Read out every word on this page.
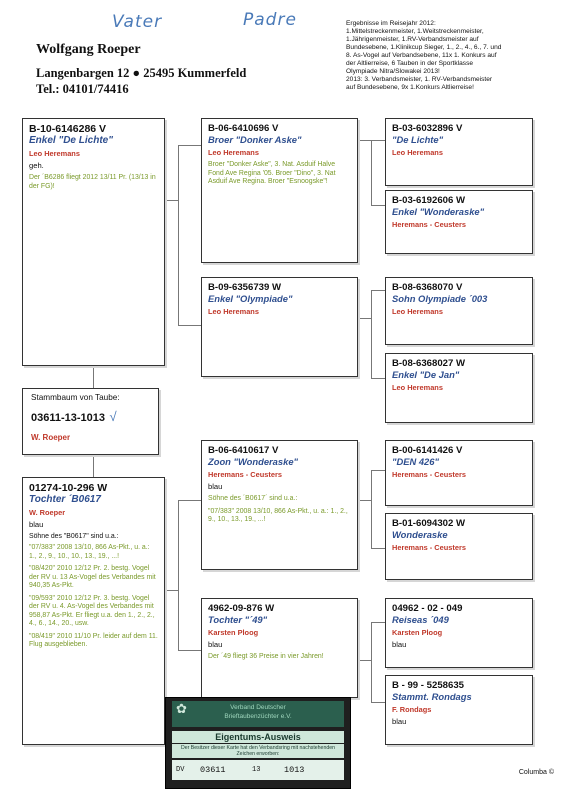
Vater	Padre
Wolfgang Roeper
Langenbargen 12 ● 25495 Kummerfeld
Tel.: 04101/74416
Ergebnisse im Reisejahr 2012:
1.Mittelstreckenmeister, 1.Weitstreckenmeister,
1.Jährigenmeister, 1.RV-Verbandsmeister auf
Bundesebene, 1.Klinikcup Sieger, 1., 2., 4., 6., 7. und
8. As-Vogel auf Verbandsebene, 11x 1. Konkurs auf
der Altlierreise, 6 Tauben in der Sportklasse
Olympiade Nitra/Slowakei 2013!
2013: 3. Verbandsmeister, 1. RV-Verbandsmeister
auf Bundesebene, 9x 1.Konkurs Altlierreise!
B-10-6146286 V
Enkel "De Lichte"
Leo Heremans
geh.
Der ´B6286 fliegt 2012 13/11 Pr. (13/13 in der FG)!
B-06-6410696 V
Broer "Donker Aske"
Leo Heremans
Broer "Donker Aske", 3. Nat. Asduif Halve Fond Ave Regina '05. Broer "Dino", 3. Nat Asduif Ave Regina. Broer "Esnoogske"!
B-03-6032896 V
"De Lichte"
Leo Heremans
B-03-6192606 W
Enkel "Wonderaske"
Heremans - Ceusters
B-09-6356739 W
Enkel "Olympiade"
Leo Heremans
B-08-6368070 V
Sohn Olympiade ´003
Leo Heremans
B-08-6368027 W
Enkel "De Jan"
Leo Heremans
Stammbaum von Taube:
03611-13-1013 √
W. Roeper
01274-10-296 W
Tochter ´B0617
W. Roeper
blau
Söhne des "B0617" sind u.a.:
"07/383" 2008 13/10, 866 As-Pkt., u. a.: 1., 2., 9., 10., 10., 13., 19., ...!
"08/420" 2010 12/12 Pr. 2. bestg. Vogel der RV u. 13 As-Vogel des Verbandes mit 940,35 As-Pkt.
"09/593" 2010 12/12 Pr. 3. bestg. Vogel der RV u. 4. As-Vogel des Verbandes mit 958,87 As-Pkt. Er fliegt u.a. den 1., 2., 2., 4., 6., 14., 20., usw.
"08/419" 2010 11/10 Pr. leider auf dem 11. Flug ausgeblieben.
B-06-6410617 V
Zoon "Wonderaske"
Heremans - Ceusters
blau
Söhne des ´B0617´ sind u.a.:
"07/383" 2008 13/10, 866 As-Pkt., u. a.: 1., 2., 9., 10., 13., 19., ...!
B-00-6141426 V
"DEN 426"
Heremans - Ceusters
B-01-6094302 W
Wonderaske
Heremans - Ceusters
4962-09-876 W
Tochter "´49"
Karsten Ploog
blau
Der ´49 fliegt 36 Preise in vier Jahren!
04962 - 02 - 049
Reiseas ´049
Karsten Ploog
blau
B - 99 - 5258635
Stammt. Rondags
F. Rondags
blau
✿	Verband Deutscher
Brieftaubenzüchter e.V.
Eigentums-Ausweis
Der Besitzer dieser Karte hat den Verbandsring mit nachstehenden Zeichen erworben:
DV 03611	13	1013	Columba ©
